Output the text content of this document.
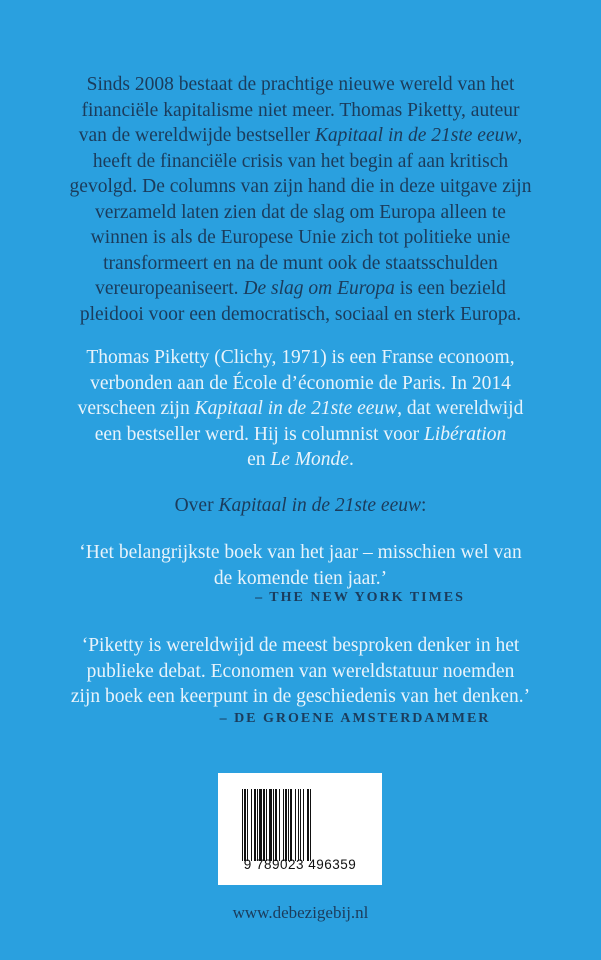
Sinds 2008 bestaat de prachtige nieuwe wereld van het
financiële kapitalisme niet meer. Thomas Piketty, auteur
van de wereldwijde bestseller Kapitaal in de 21ste eeuw,
heeft de financiële crisis van het begin af aan kritisch
gevolgd. De columns van zijn hand die in deze uitgave zijn
verzameld laten zien dat de slag om Europa alleen te
winnen is als de Europese Unie zich tot politieke unie
transformeert en na de munt ook de staatsschulden
vereuropeaniseert. De slag om Europa is een bezield
pleidooi voor een democratisch, sociaal en sterk Europa.
Thomas Piketty (Clichy, 1971) is een Franse econoom,
verbonden aan de École d’économie de Paris. In 2014
verscheen zijn Kapitaal in de 21ste eeuw, dat wereldwijd
een bestseller werd. Hij is columnist voor Libération
en Le Monde.
Over Kapitaal in de 21ste eeuw:
‘Het belangrijkste boek van het jaar – misschien wel van
de komende tien jaar.’
– THE NEW YORK TIMES
‘Piketty is wereldwijd de meest besproken denker in het
publieke debat. Economen van wereldstatuur noemden
zijn boek een keerpunt in de geschiedenis van het denken.’
– DE GROENE AMSTERDAMMER
9 789023 496359
www.debezigebij.nl
